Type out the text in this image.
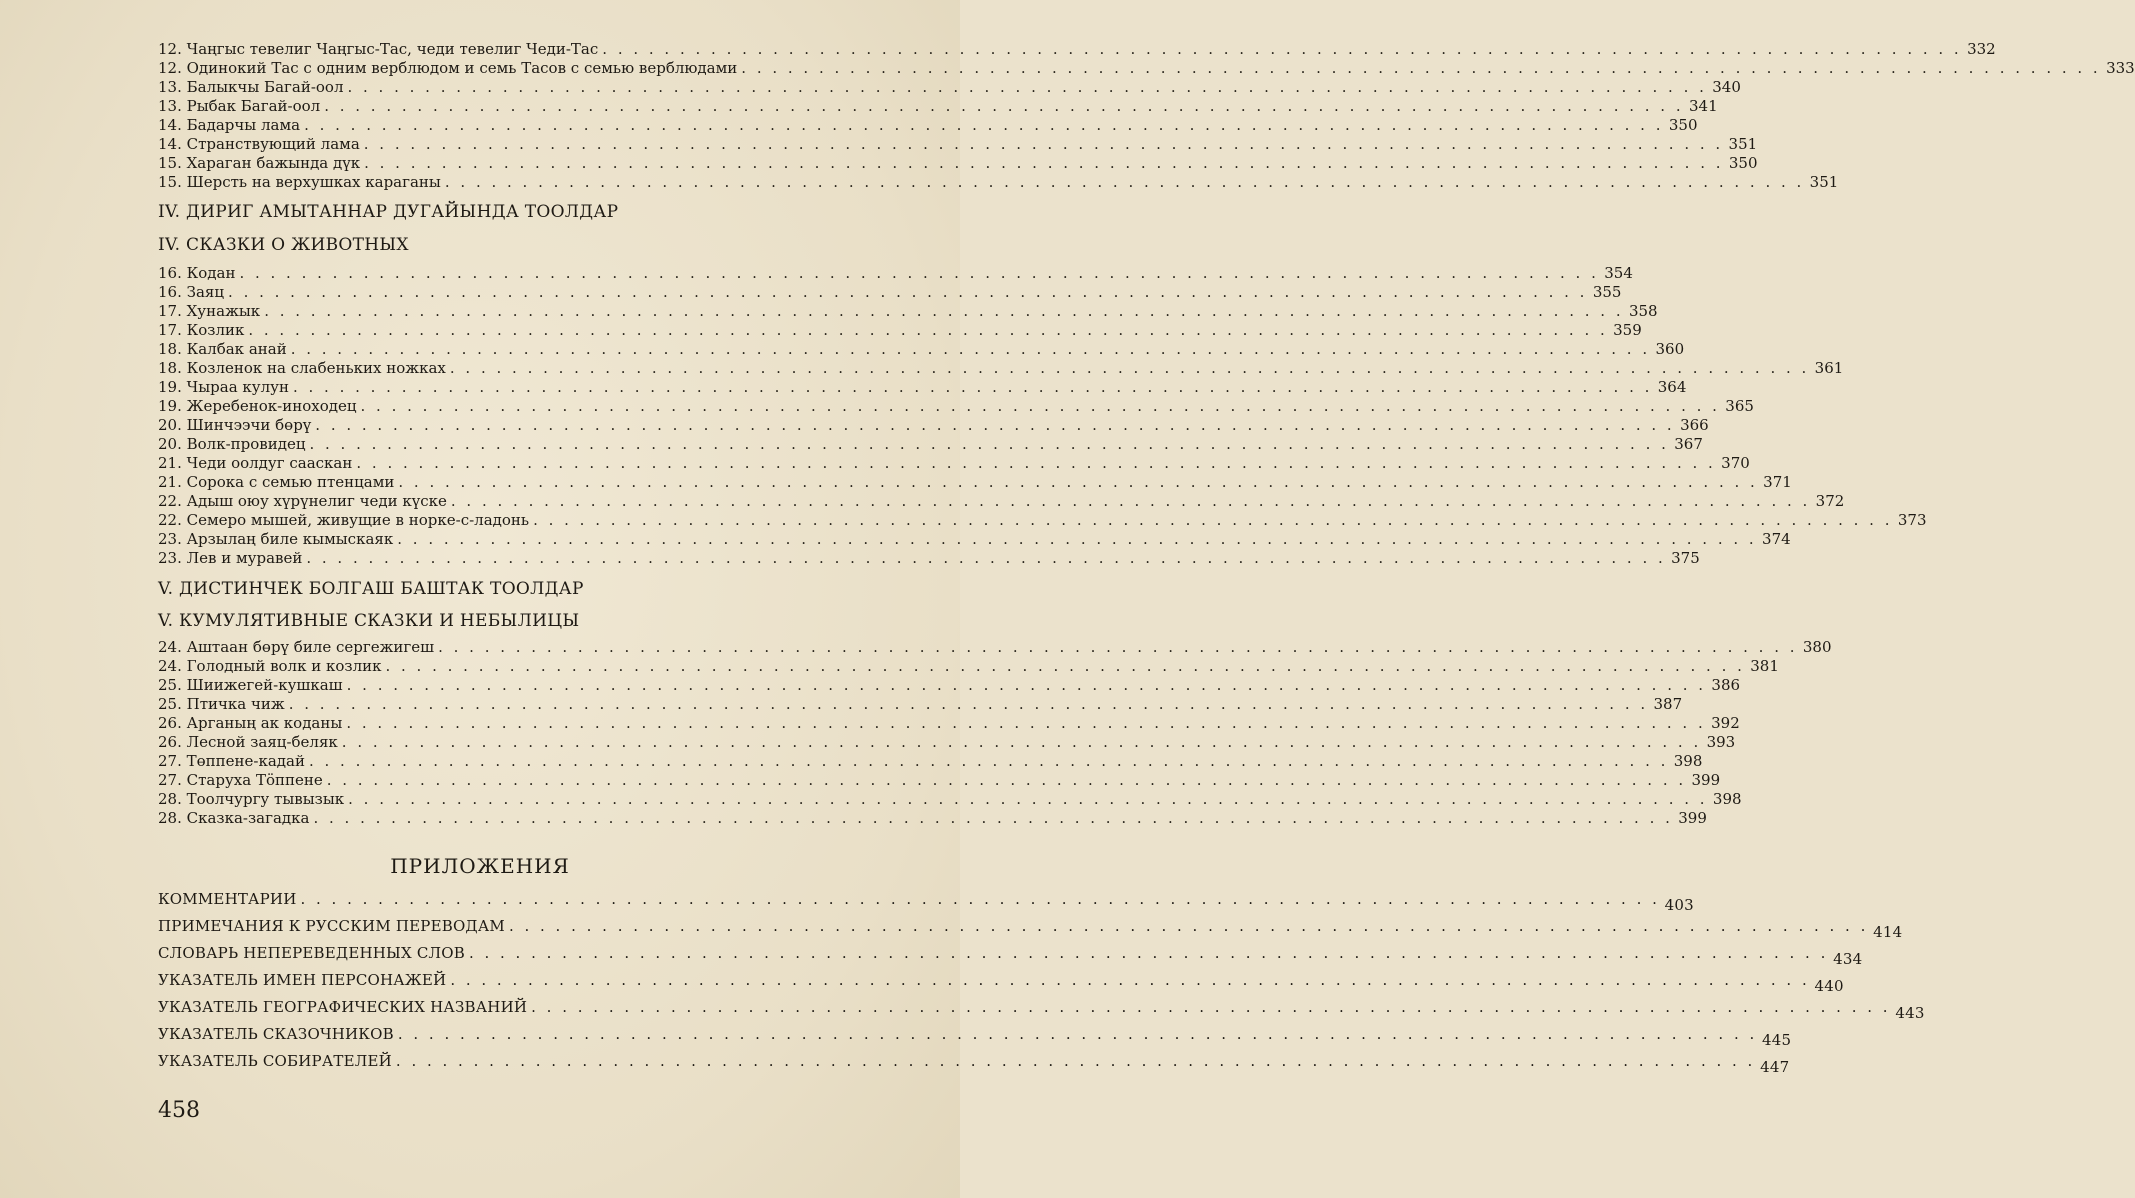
12. Чаңгыс тевелиг Чаңгыс-Тас, чеди тевелиг Чеди-Тас . . .	332
12. Одинокий Тас с одним верблюдом и семь Тасов с семью верблюдами . . .	333
13. Балыкчы Багай-оол . . .	340
13. Рыбак Багай-оол . . .	341
14. Бадарчы лама . . .	350
14. Странствующий лама . . .	351
15. Хараган бажында дүк . . .	350
15. Шерсть на верхушках караганы . . .	351
IV. ДИРИГ АМЫТАННАР ДУГАЙЫНДА ТООЛДАР
IV. СКАЗКИ О ЖИВОТНЫХ
16. Кодан . . .	354
16. Заяц . . .	355
17. Хунажык . . .	358
17. Козлик . . .	359
18. Калбак анай . . .	360
18. Козленок на слабеньких ножках . . .	361
19. Чыраа кулун . . .	364
19. Жеребенок-иноходец . . .	365
20. Шинчээчи бөрү . . .	366
20. Волк-провидец . . .	367
21. Чеди оолдуг сааскан . . .	370
21. Сорока с семью птенцами . . .	371
22. Адыш оюу хүрүнелиг чеди күске . . .	372
22. Семеро мышей, живущие в норке-с-ладонь . . .	373
23. Арзылаң биле кымыскаяк . . .	374
23. Лев и муравей . . .	375
V. ДИСТИНЧЕК БОЛГАШ БАШТАК ТООЛДАР
V. КУМУЛЯТИВНЫЕ СКАЗКИ И НЕБЫЛИЦЫ
24. Аштаан бөрү биле сергежигеш . . .	380
24. Голодный волк и козлик . . .	381
25. Шиижегей-кушкаш . . .	386
25. Птичка чиж . . .	387
26. Арганың ак коданы . . .	392
26. Лесной заяц-беляк . . .	393
27. Төппене-кадай . . .	398
27. Старуха Тöппене . . .	399
28. Тоолчургу тывызык . . .	398
28. Сказка-загадка . . .	399
ПРИЛОЖЕНИЯ
КОММЕНТАРИИ . . .	403
ПРИМЕЧАНИЯ К РУССКИМ ПЕРЕВОДАМ . . .	414
СЛОВАРЬ НЕПЕРЕВЕДЕННЫХ СЛОВ . . .	434
УКАЗАТЕЛЬ ИМЕН ПЕРСОНАЖЕЙ . . .	440
УКАЗАТЕЛЬ ГЕОГРАФИЧЕСКИХ НАЗВАНИЙ . . .	443
УКАЗАТЕЛЬ СКАЗОЧНИКОВ . . .	445
УКАЗАТЕЛЬ СОБИРАТЕЛЕЙ . . .	447
458
